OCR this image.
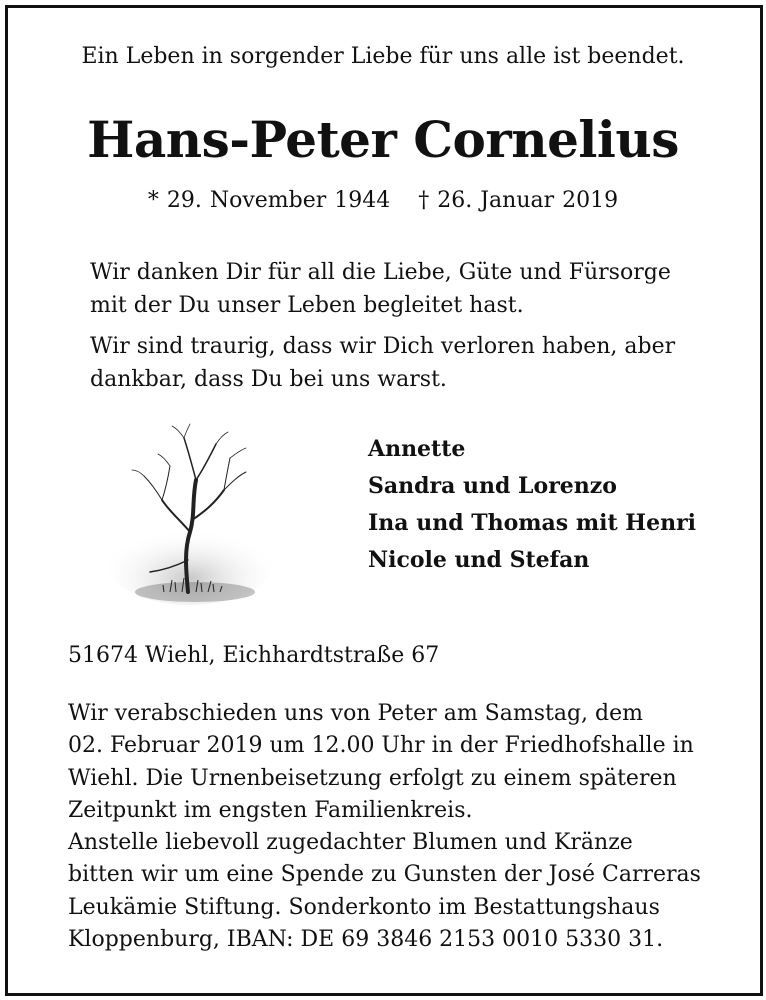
Ein Leben in sorgender Liebe für uns alle ist beendet.
Hans-Peter Cornelius
* 29. November 1944 † 26. Januar 2019
Wir danken Dir für all die Liebe, Güte und Fürsorge
mit der Du unser Leben begleitet hast.
Wir sind traurig, dass wir Dich verloren haben, aber
dankbar, dass Du bei uns warst.
Annette
Sandra und Lorenzo
Ina und Thomas mit Henri
Nicole und Stefan
51674 Wiehl, Eichhardtstraße 67
Wir verabschieden uns von Peter am Samstag, dem
02. Februar 2019 um 12.00 Uhr in der Friedhofshalle in
Wiehl. Die Urnenbeisetzung erfolgt zu einem späteren
Zeitpunkt im engsten Familienkreis.
Anstelle liebevoll zugedachter Blumen und Kränze
bitten wir um eine Spende zu Gunsten der José Carreras
Leukämie Stiftung. Sonderkonto im Bestattungshaus
Kloppenburg, IBAN: DE 69 3846 2153 0010 5330 31.
